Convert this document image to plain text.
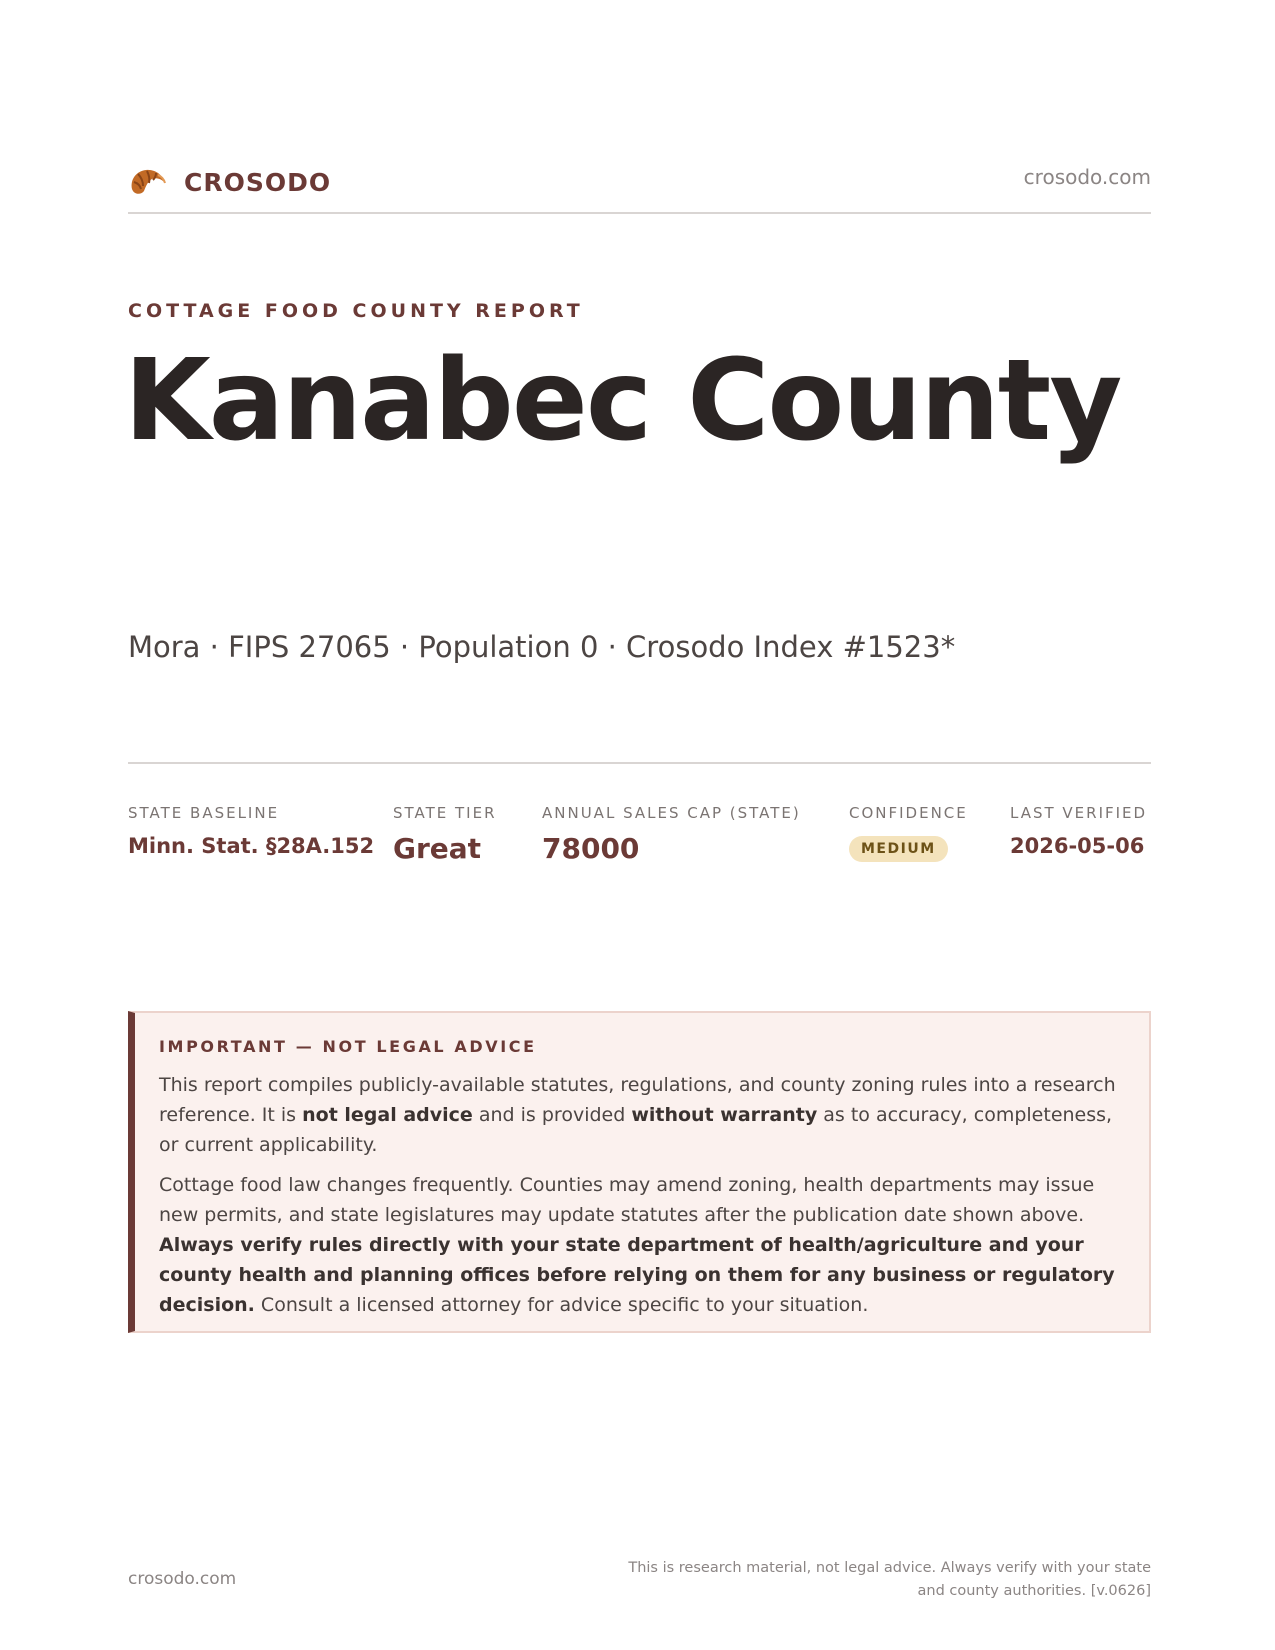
CROSODO	crosodo.com
COTTAGE FOOD COUNTY REPORT
Kanabec County
Mora · FIPS 27065 · Population 0 · Crosodo Index #1523*
STATE BASELINE
Minn. Stat. §28A.152
STATE TIER
Great
ANNUAL SALES CAP (STATE)
78000
CONFIDENCE
MEDIUM
LAST VERIFIED
2026-05-06
IMPORTANT — NOT LEGAL ADVICE

This report compiles publicly-available statutes, regulations, and county zoning rules into a research reference. It is not legal advice and is provided without warranty as to accuracy, completeness, or current applicability.

Cottage food law changes frequently. Counties may amend zoning, health departments may issue new permits, and state legislatures may update statutes after the publication date shown above. Always verify rules directly with your state department of health/agriculture and your county health and planning offices before relying on them for any business or regulatory decision. Consult a licensed attorney for advice specific to your situation.

crosodo.com
This is research material, not legal advice. Always verify with your state
and county authorities. [v.0626]
